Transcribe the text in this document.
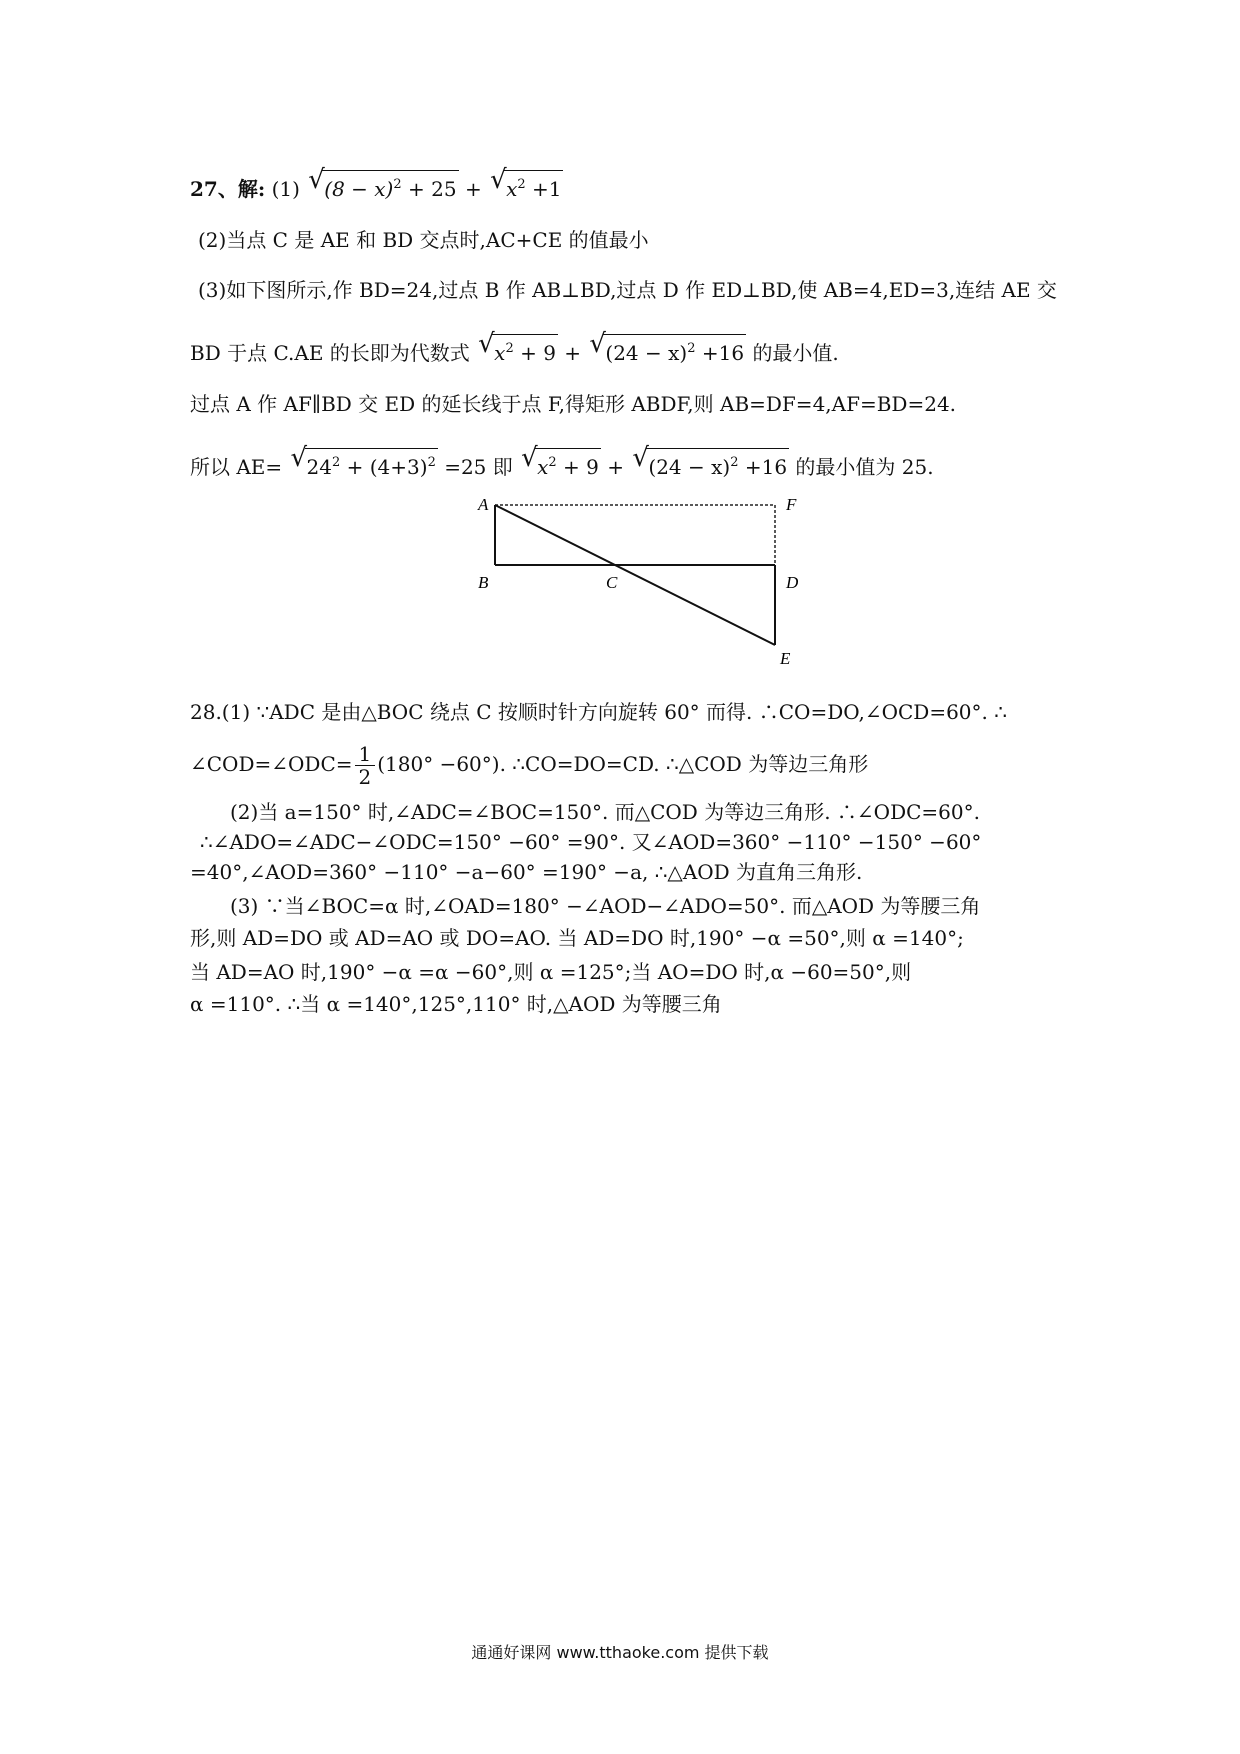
27、解: (1) √ $(8 - x)^2 + 25$ + √ $x^2 +1$
(2)当点 C 是 AE 和 BD 交点时,AC+CE 的值最小
(3)如下图所示,作 BD=24,过点 B 作 AB⊥BD,过点 D 作 ED⊥BD,使 AB=4,ED=3,连结 AE 交
BD 于点 C.AE 的长即为代数式 √ $x^2 + 9$ + √ $(24 - x)^2 +16$ 的最小值.
过点 A 作 AF∥BD 交 ED 的延长线于点 F,得矩形 ABDF,则 AB=DF=4,AF=BD=24.
所以 AE= √ $24^2 + (4+3)^2 =25$ 即 √ $x^2 + 9$ + √ $(24 - x)^2 +16$ 的最小值为 25.
A	F
B	C	D
E
28.(1) ∵ADC 是由△BOC 绕点 C 按顺时针方向旋转 60° 而得. ∴CO=DO,∠OCD=60°. ∴
∠COD=∠ODC= $\frac{1}{2} (180^\circ -60^\circ)$. ∴CO=DO=CD. ∴△COD 为等边三角形
(2)当 a=150° 时,∠ADC=∠BOC=150°. 而△COD 为等边三角形. ∴∠ODC=60°.
∴∠ADO=∠ADC−∠ODC=150° −60° =90°. 又∠AOD=360° −110° −150° −60°
=40°,∠AOD=360° −110° −a−60° =190° −a, ∴△AOD 为直角三角形.
(3) ∵当∠BOC=α 时,∠OAD=180° −∠AOD−∠ADO=50°. 而△AOD 为等腰三角
形,则 AD=DO 或 AD=AO 或 DO=AO. 当 AD=DO 时,190° −α =50°,则 α =140°;
当 AD=AO 时,190° −α =α −60°,则 α =125°;当 AO=DO 时,α −60=50°,则
α =110°. ∴当 α =140°,125°,110° 时,△AOD 为等腰三角
通通好课网 www.tthaoke.com 提供下载
